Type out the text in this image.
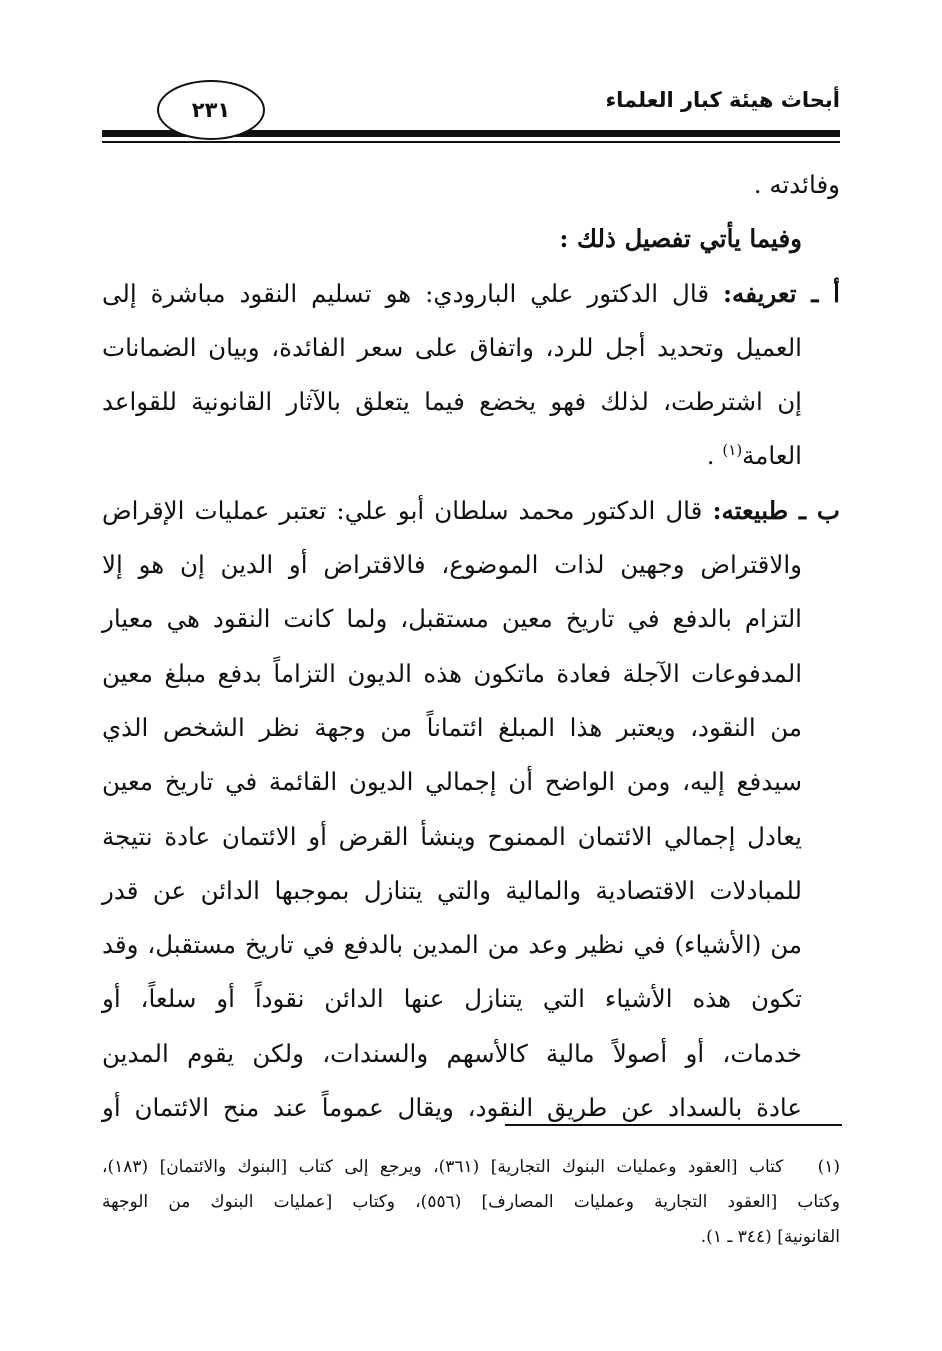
أبحاث هيئة كبار العلماء
٢٣١
وفائدته .
وفيما يأتي تفصيل ذلك :
أ ـ تعريفه: قال الدكتور علي البارودي: هو تسليم النقود مباشرة إلى
العميل وتحديد أجل للرد، واتفاق على سعر الفائدة، وبيان الضمانات
إن اشترطت، لذلك فهو يخضع فيما يتعلق بالآثار القانونية للقواعد
العامة$^{(١)}$ .
ب ـ طبيعته: قال الدكتور محمد سلطان أبو علي: تعتبر عمليات الإقراض
والاقتراض وجهين لذات الموضوع، فالاقتراض أو الدين إن هو إلا
التزام بالدفع في تاريخ معين مستقبل، ولما كانت النقود هي معيار
المدفوعات الآجلة فعادة ماتكون هذه الديون التزاماً بدفع مبلغ معين
من النقود، ويعتبر هذا المبلغ ائتماناً من وجهة نظر الشخص الذي
سيدفع إليه، ومن الواضح أن إجمالي الديون القائمة في تاريخ معين
يعادل إجمالي الائتمان الممنوح وينشأ القرض أو الائتمان عادة نتيجة
للمبادلات الاقتصادية والمالية والتي يتنازل بموجبها الدائن عن قدر
من (الأشياء) في نظير وعد من المدين بالدفع في تاريخ مستقبل، وقد
تكون هذه الأشياء التي يتنازل عنها الدائن نقوداً أو سلعاً، أو
خدمات، أو أصولاً مالية كالأسهم والسندات، ولكن يقوم المدين
عادة بالسداد عن طريق النقود، ويقال عموماً عند منح الائتمان أو
(١)   كتاب [العقود وعمليات البنوك التجارية] (٣٦١)، ويرجع إلى كتاب [البنوك والائتمان] (١٨٣)،
وكتاب [العقود التجارية وعمليات المصارف] (٥٥٦)، وكتاب [عمليات البنوك من الوجهة
القانونية] (٣٤٤ ـ ١).
